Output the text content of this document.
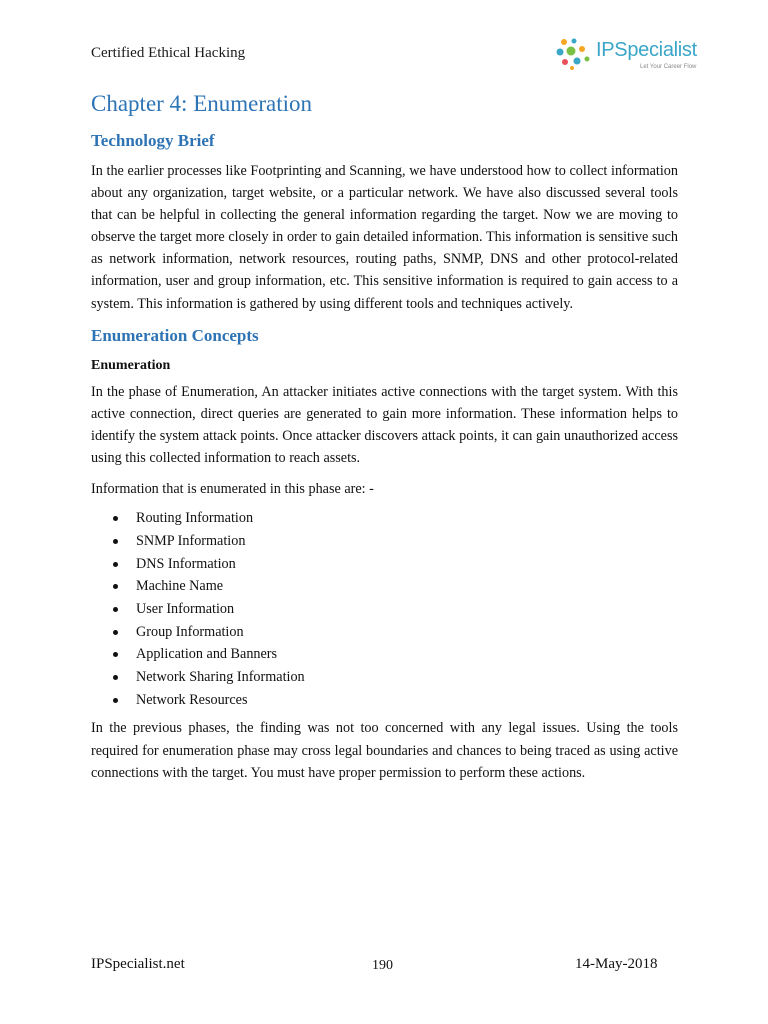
Certified Ethical Hacking	IPSpecialist
Let Your Career Flow
Chapter 4: Enumeration
Technology Brief

In the earlier processes like Footprinting and Scanning, we have understood how to collect information about any organization, target website, or a particular network. We have also discussed several tools that can be helpful in collecting the general information regarding the target. Now we are moving to observe the target more closely in order to gain detailed information. This information is sensitive such as network information, network resources, routing paths, SNMP, DNS and other protocol-related information, user and group information, etc. This sensitive information is required to gain access to a system. This information is gathered by using different tools and techniques actively.

Enumeration Concepts
Enumeration

In the phase of Enumeration, An attacker initiates active connections with the target system. With this active connection, direct queries are generated to gain more information. These information helps to identify the system attack points. Once attacker discovers attack points, it can gain unauthorized access using this collected information to reach assets.

Information that is enumerated in this phase are: -

Routing Information
SNMP Information
DNS Information
Machine Name
User Information
Group Information
Application and Banners
Network Sharing Information
Network Resources

In the previous phases, the finding was not too concerned with any legal issues. Using the tools required for enumeration phase may cross legal boundaries and chances to being traced as using active connections with the target. You must have proper permission to perform these actions.

IPSpecialist.net	190	14-May-2018
